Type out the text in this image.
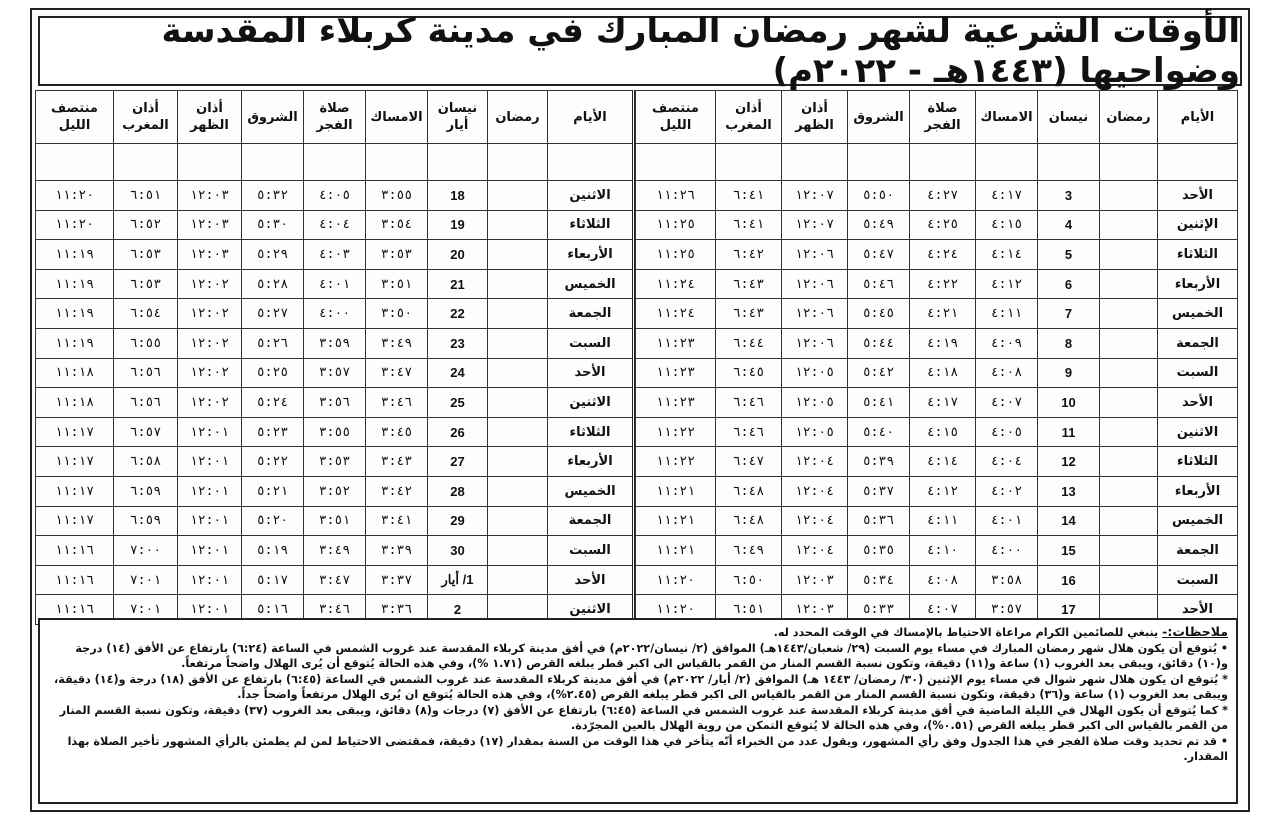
الأوقات الشرعية لشهر رمضان المبارك في مدينة كربلاء المقدسة وضواحيها (١٤٤٣هـ - ٢٠٢٢م)
الأيام	رمضان	نيسان	الامساك	صلاة الفجر	الشروق	أذان الظهر	أذان المغرب	منتصف الليل

الأحد		3	٤:١٧	٤:٢٧	٥:٥٠	١٢:٠٧	٦:٤١	١١:٢٦
الإثنين		4	٤:١٥	٤:٢٥	٥:٤٩	١٢:٠٧	٦:٤١	١١:٢٥
الثلاثاء		5	٤:١٤	٤:٢٤	٥:٤٧	١٢:٠٦	٦:٤٢	١١:٢٥
الأربعاء		6	٤:١٢	٤:٢٢	٥:٤٦	١٢:٠٦	٦:٤٣	١١:٢٤
الخميس		7	٤:١١	٤:٢١	٥:٤٥	١٢:٠٦	٦:٤٣	١١:٢٤
الجمعة		8	٤:٠٩	٤:١٩	٥:٤٤	١٢:٠٦	٦:٤٤	١١:٢٣
السبت		9	٤:٠٨	٤:١٨	٥:٤٢	١٢:٠٥	٦:٤٥	١١:٢٣
الأحد		10	٤:٠٧	٤:١٧	٥:٤١	١٢:٠٥	٦:٤٦	١١:٢٣
الاثنين		11	٤:٠٥	٤:١٥	٥:٤٠	١٢:٠٥	٦:٤٦	١١:٢٢
الثلاثاء		12	٤:٠٤	٤:١٤	٥:٣٩	١٢:٠٤	٦:٤٧	١١:٢٢
الأربعاء		13	٤:٠٢	٤:١٢	٥:٣٧	١٢:٠٤	٦:٤٨	١١:٢١
الخميس		14	٤:٠١	٤:١١	٥:٣٦	١٢:٠٤	٦:٤٨	١١:٢١
الجمعة		15	٤:٠٠	٤:١٠	٥:٣٥	١٢:٠٤	٦:٤٩	١١:٢١
السبت		16	٣:٥٨	٤:٠٨	٥:٣٤	١٢:٠٣	٦:٥٠	١١:٢٠
الأحد		17	٣:٥٧	٤:٠٧	٥:٣٣	١٢:٠٣	٦:٥١	١١:٢٠
الأيام	رمضان	نيسان أيار	الامساك	صلاة الفجر	الشروق	أذان الظهر	أذان المغرب	منتصف الليل

الاثنين		18	٣:٥٥	٤:٠٥	٥:٣٢	١٢:٠٣	٦:٥١	١١:٢٠
الثلاثاء		19	٣:٥٤	٤:٠٤	٥:٣٠	١٢:٠٣	٦:٥٢	١١:٢٠
الأربعاء		20	٣:٥٣	٤:٠٣	٥:٢٩	١٢:٠٣	٦:٥٣	١١:١٩
الخميس		21	٣:٥١	٤:٠١	٥:٢٨	١٢:٠٢	٦:٥٣	١١:١٩
الجمعة		22	٣:٥٠	٤:٠٠	٥:٢٧	١٢:٠٢	٦:٥٤	١١:١٩
السبت		23	٣:٤٩	٣:٥٩	٥:٢٦	١٢:٠٢	٦:٥٥	١١:١٩
الأحد		24	٣:٤٧	٣:٥٧	٥:٢٥	١٢:٠٢	٦:٥٦	١١:١٨
الاثنين		25	٣:٤٦	٣:٥٦	٥:٢٤	١٢:٠٢	٦:٥٦	١١:١٨
الثلاثاء		26	٣:٤٥	٣:٥٥	٥:٢٣	١٢:٠١	٦:٥٧	١١:١٧
الأربعاء		27	٣:٤٣	٣:٥٣	٥:٢٢	١٢:٠١	٦:٥٨	١١:١٧
الخميس		28	٣:٤٢	٣:٥٢	٥:٢١	١٢:٠١	٦:٥٩	١١:١٧
الجمعة		29	٣:٤١	٣:٥١	٥:٢٠	١٢:٠١	٦:٥٩	١١:١٧
السبت		30	٣:٣٩	٣:٤٩	٥:١٩	١٢:٠١	٧:٠٠	١١:١٦
الأحد		1/ أيار	٣:٣٧	٣:٤٧	٥:١٧	١٢:٠١	٧:٠١	١١:١٦
الاثنين		2	٣:٣٦	٣:٤٦	٥:١٦	١٢:٠١	٧:٠١	١١:١٦

ملاحظات:- ينبغي للصائمين الكرام مراعاة الاحتياط بالإمساك في الوقت المحدد له.

• يُتوقع أن يكون هلال شهر رمضان المبارك في مساء يوم السبت (٢٩/ شعبان/١٤٤٣هـ) الموافق (٢/ نيسان/٢٠٢٢م) في أفق مدينة كربلاء المقدسة عند غروب الشمس في الساعة (٦:٢٤) بارتفاع عن الأفق (١٤) درجة و(١٠) دقائق، ويبقى بعد الغروب (١) ساعة و(١١) دقيقة، وتكون نسبة القسم المنار من القمر بالقياس الى اكبر قطر يبلغه القرص (١.٧١ %)، وفي هذه الحالة يُتوقع أن يُرى الهلال واضحاً مرتفعاً.

* يُتوقع ان يكون هلال شهر شوال في مساء يوم الإثنين (٣٠/ رمضان/ ١٤٤٣ هـ) الموافق (٢/ أيار/ ٢٠٢٢م) في أفق مدينة كربلاء المقدسة عند غروب الشمس في الساعة (٦:٤٥) بارتفاع عن الأفق (١٨) درجة و(١٤) دقيقة، ويبقى بعد الغروب (١) ساعة و(٣٦) دقيقة، وتكون نسبة القسم المنار من القمر بالقياس الى اكبر قطر يبلغه القرص (٢.٤٥%)، وفي هذه الحالة يُتوقع ان يُرى الهلال مرتفعاً واضحاً جداً.

* كما يُتوقع أن يكون الهلال في الليلة الماضية في أفق مدينة كربلاء المقدسة عند غروب الشمس في الساعة (٦:٤٥) بارتفاع عن الأفق (٧) درجات و(٨) دقائق، ويبقى بعد الغروب (٣٧) دقيقة، وتكون نسبة القسم المنار من القمر بالقياس الى اكبر قطر يبلغه القرص (٠.٥١%)، وفي هذه الحالة لا يُتوقع التمكن من روية الهلال بالعين المجرّدة.

• قد تم تحديد وقت صلاة الفجر في هذا الجدول وفق رأي المشهور، ويقول عدد من الخبراء أنّه يتأخر في هذا الوقت من السنة بمقدار (١٧) دقيقة، فمقتضى الاحتياط لمن لم يطمئن بالرأي المشهور تأخير الصلاة بهذا المقدار.
